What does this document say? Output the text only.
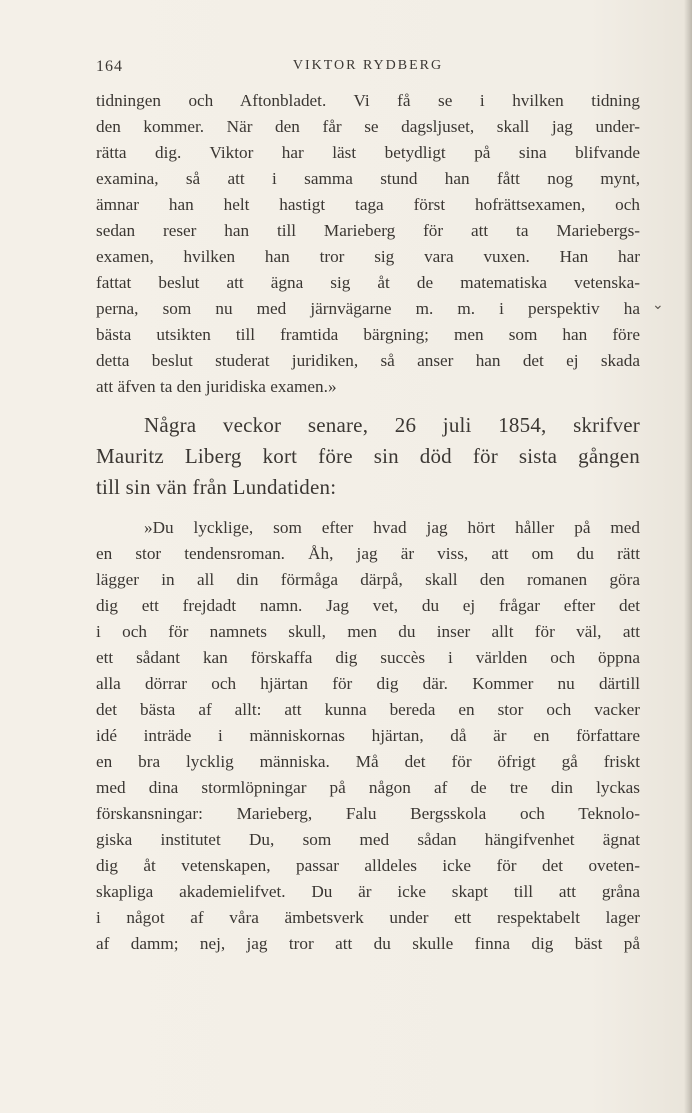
164	VIKTOR RYDBERG
tidningen och Aftonbladet. Vi få se i hvilken tidning
den kommer. När den får se dagsljuset, skall jag under-
rätta dig. Viktor har läst betydligt på sina blifvande
examina, så att i samma stund han fått nog mynt,
ämnar han helt hastigt taga först hofrättsexamen, och
sedan reser han till Marieberg för att ta Mariebergs-
examen, hvilken han tror sig vara vuxen. Han har
fattat beslut att ägna sig åt de matematiska vetenska-
perna, som nu med järnvägarne m. m. i perspektiv ha
bästa utsikten till framtida bärgning; men som han före
detta beslut studerat juridiken, så anser han det ej skada
att äfven ta den juridiska examen.»
Några veckor senare, 26 juli 1854, skrifver
Mauritz Liberg kort före sin död för sista gången
till sin vän från Lundatiden:
»Du lycklige, som efter hvad jag hört håller på med
en stor tendensroman. Åh, jag är viss, att om du rätt
lägger in all din förmåga därpå, skall den romanen göra
dig ett frejdadt namn. Jag vet, du ej frågar efter det
i och för namnets skull, men du inser allt för väl, att
ett sådant kan förskaffa dig succès i världen och öppna
alla dörrar och hjärtan för dig där. Kommer nu därtill
det bästa af allt: att kunna bereda en stor och vacker
idé inträde i människornas hjärtan, då är en författare
en bra lycklig människa. Må det för öfrigt gå friskt
med dina stormlöpningar på någon af de tre din lyckas
förskansningar: Marieberg, Falu Bergsskola och Teknolo-
giska institutet Du, som med sådan hängifvenhet ägnat
dig åt vetenskapen, passar alldeles icke för det oveten-
skapliga akademielifvet. Du är icke skapt till att gråna
i något af våra ämbetsverk under ett respektabelt lager
af damm; nej, jag tror att du skulle finna dig bäst på
⌄
